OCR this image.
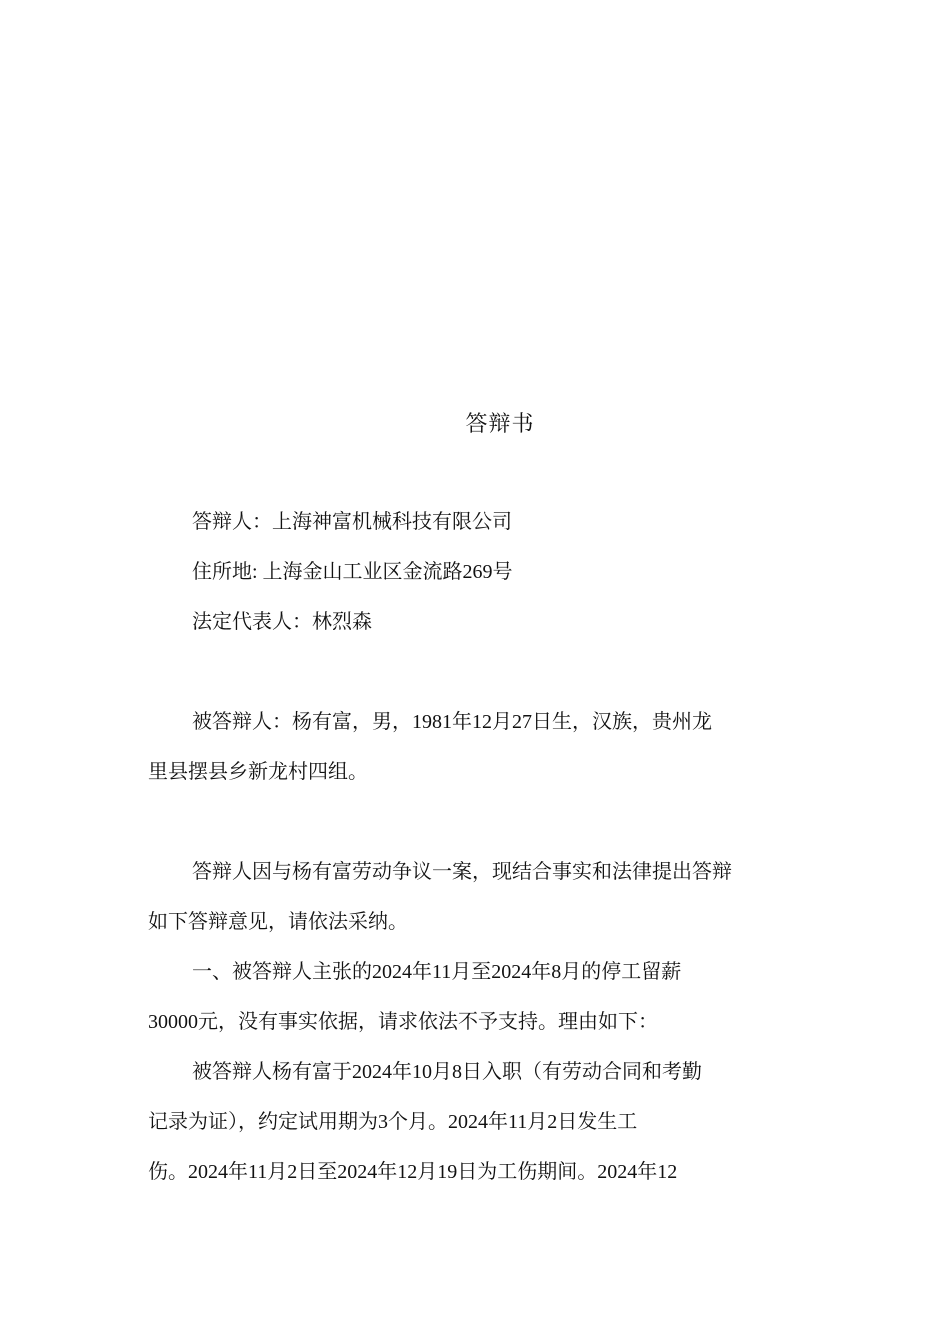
答辩书
答辩人：上海神富机械科技有限公司
住所地: 上海金山工业区金流路269号
法定代表人：林烈森
被答辩人：杨有富，男，1981年12月27日生，汉族，贵州龙
里县摆县乡新龙村四组。
答辩人因与杨有富劳动争议一案，现结合事实和法律提出答辩
如下答辩意见，请依法采纳。
一、被答辩人主张的2024年11月至2024年8月的停工留薪
30000元，没有事实依据，请求依法不予支持。理由如下：
被答辩人杨有富于2024年10月8日入职（有劳动合同和考勤
记录为证），约定试用期为3个月。2024年11月2日发生工
伤。2024年11月2日至2024年12月19日为工伤期间。2024年12
